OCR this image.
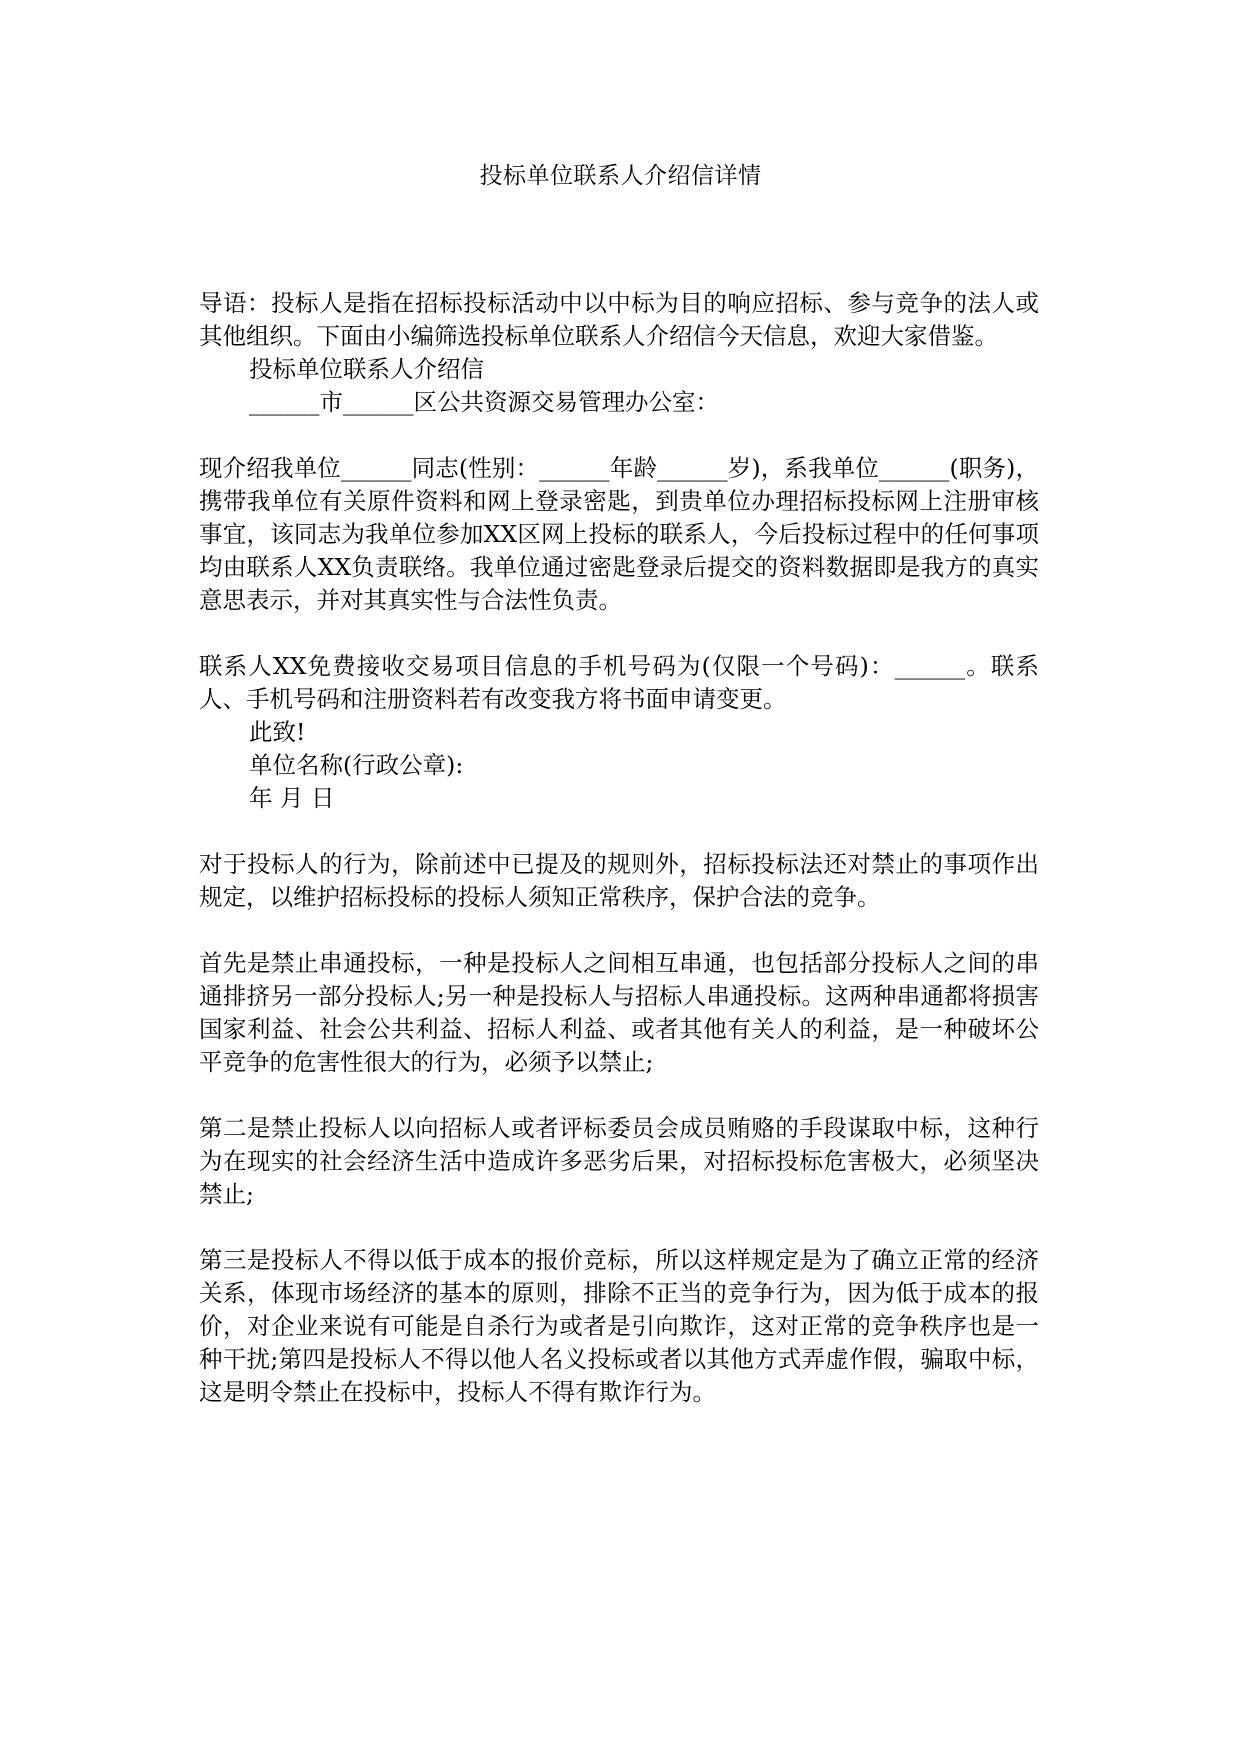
投标单位联系人介绍信详情

导语：投标人是指在招标投标活动中以中标为目的响应招标、参与竞争的法人或其他组织。下面由小编筛选投标单位联系人介绍信今天信息，欢迎大家借鉴。

投标单位联系人介绍信

______市______区公共资源交易管理办公室：

现介绍我单位______同志(性别：______年龄______岁)，系我单位______(职务)，携带我单位有关原件资料和网上登录密匙，到贵单位办理招标投标网上注册审核事宜，该同志为我单位参加XX区网上投标的联系人，今后投标过程中的任何事项均由联系人XX负责联络。我单位通过密匙登录后提交的资料数据即是我方的真实意思表示，并对其真实性与合法性负责。

联系人XX免费接收交易项目信息的手机号码为(仅限一个号码)：______。联系人、手机号码和注册资料若有改变我方将书面申请变更。

此致!

单位名称(行政公章):

年 月 日

对于投标人的行为，除前述中已提及的规则外，招标投标法还对禁止的事项作出规定，以维护招标投标的投标人须知正常秩序，保护合法的竞争。

首先是禁止串通投标，一种是投标人之间相互串通，也包括部分投标人之间的串通排挤另一部分投标人;另一种是投标人与招标人串通投标。这两种串通都将损害国家利益、社会公共利益、招标人利益、或者其他有关人的利益，是一种破坏公平竞争的危害性很大的行为，必须予以禁止;

第二是禁止投标人以向招标人或者评标委员会成员贿赂的手段谋取中标，这种行为在现实的社会经济生活中造成许多恶劣后果，对招标投标危害极大，必须坚决禁止;

第三是投标人不得以低于成本的报价竞标，所以这样规定是为了确立正常的经济关系，体现市场经济的基本的原则，排除不正当的竞争行为，因为低于成本的报价，对企业来说有可能是自杀行为或者是引向欺诈，这对正常的竞争秩序也是一种干扰;第四是投标人不得以他人名义投标或者以其他方式弄虚作假，骗取中标，这是明令禁止在投标中，投标人不得有欺诈行为。
